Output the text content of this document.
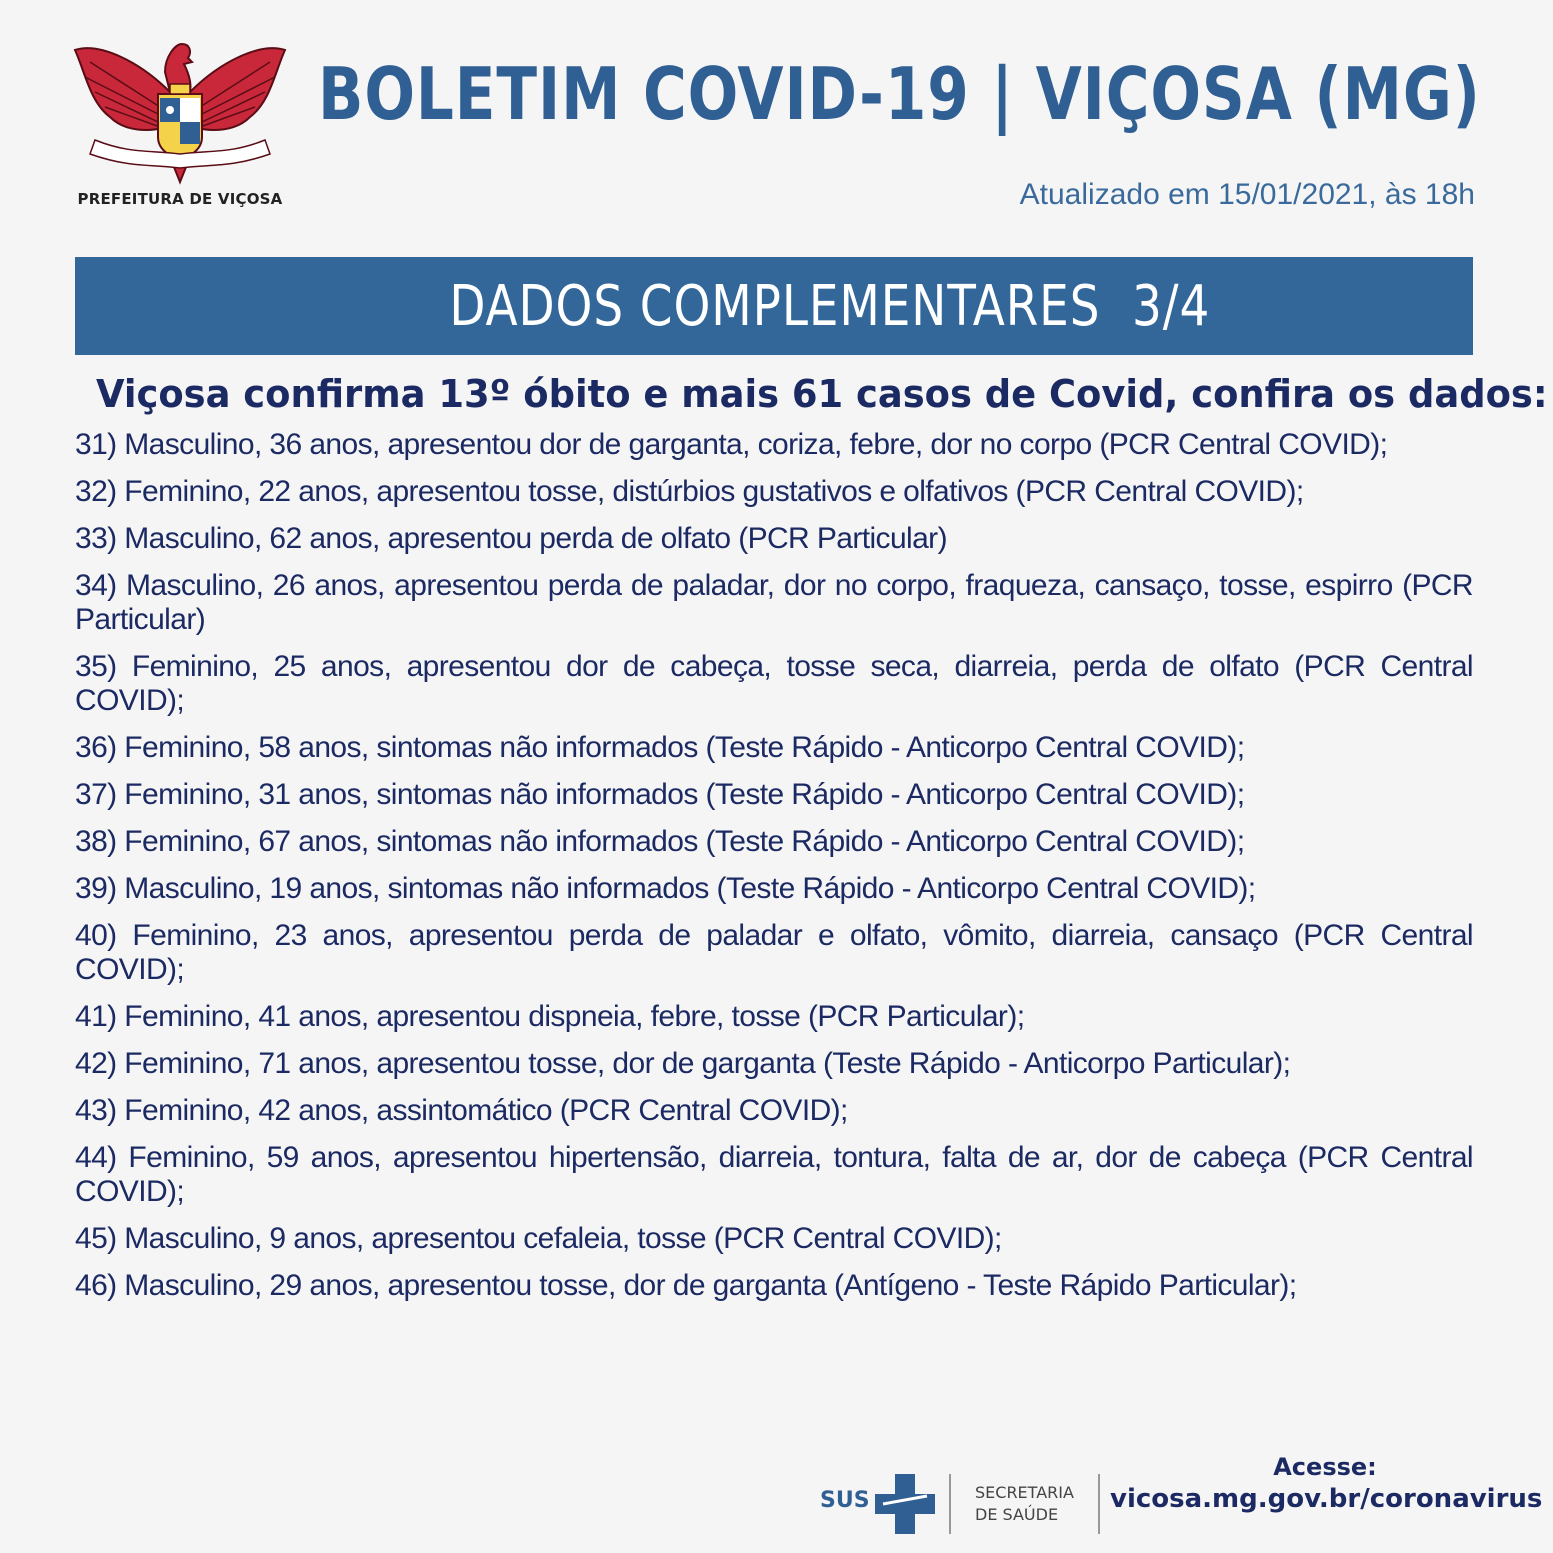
PREFEITURA DE VIÇOSA
BOLETIM COVID-19 | VIÇOSA (MG)
Atualizado em 15/01/2021, às 18h
DADOS COMPLEMENTARES  3/4
Viçosa confirma 13º óbito e mais 61 casos de Covid, confira os dados:
31) Masculino, 36 anos, apresentou dor de garganta, coriza, febre, dor no corpo (PCR Central COVID);
32) Feminino, 22 anos, apresentou tosse, distúrbios gustativos e olfativos (PCR Central COVID);
33) Masculino, 62 anos, apresentou perda de olfato (PCR Particular)
34) Masculino, 26 anos, apresentou perda de paladar, dor no corpo, fraqueza, cansaço, tosse, espirro (PCR Particular)
35) Feminino, 25 anos, apresentou dor de cabeça, tosse seca, diarreia, perda de olfato (PCR Central COVID);
36) Feminino, 58 anos, sintomas não informados (Teste Rápido - Anticorpo Central COVID);
37) Feminino, 31 anos, sintomas não informados (Teste Rápido - Anticorpo Central COVID);
38) Feminino, 67 anos, sintomas não informados (Teste Rápido - Anticorpo Central COVID);
39) Masculino, 19 anos, sintomas não informados (Teste Rápido - Anticorpo Central COVID);
40) Feminino, 23 anos, apresentou perda de paladar e olfato, vômito, diarreia, cansaço (PCR Central COVID);
41) Feminino, 41 anos, apresentou dispneia, febre, tosse (PCR Particular);
42) Feminino, 71 anos, apresentou tosse, dor de garganta (Teste Rápido - Anticorpo Particular);
43) Feminino, 42 anos, assintomático (PCR Central COVID);
44) Feminino, 59 anos, apresentou hipertensão, diarreia, tontura, falta de ar, dor de cabeça (PCR Central COVID);
45) Masculino, 9 anos, apresentou cefaleia, tosse (PCR Central COVID);
46) Masculino, 29 anos, apresentou tosse, dor de garganta (Antígeno - Teste Rápido Particular);
SUS	SECRETARIA
DE SAÚDE
Acesse:
vicosa.mg.gov.br/coronavirus
